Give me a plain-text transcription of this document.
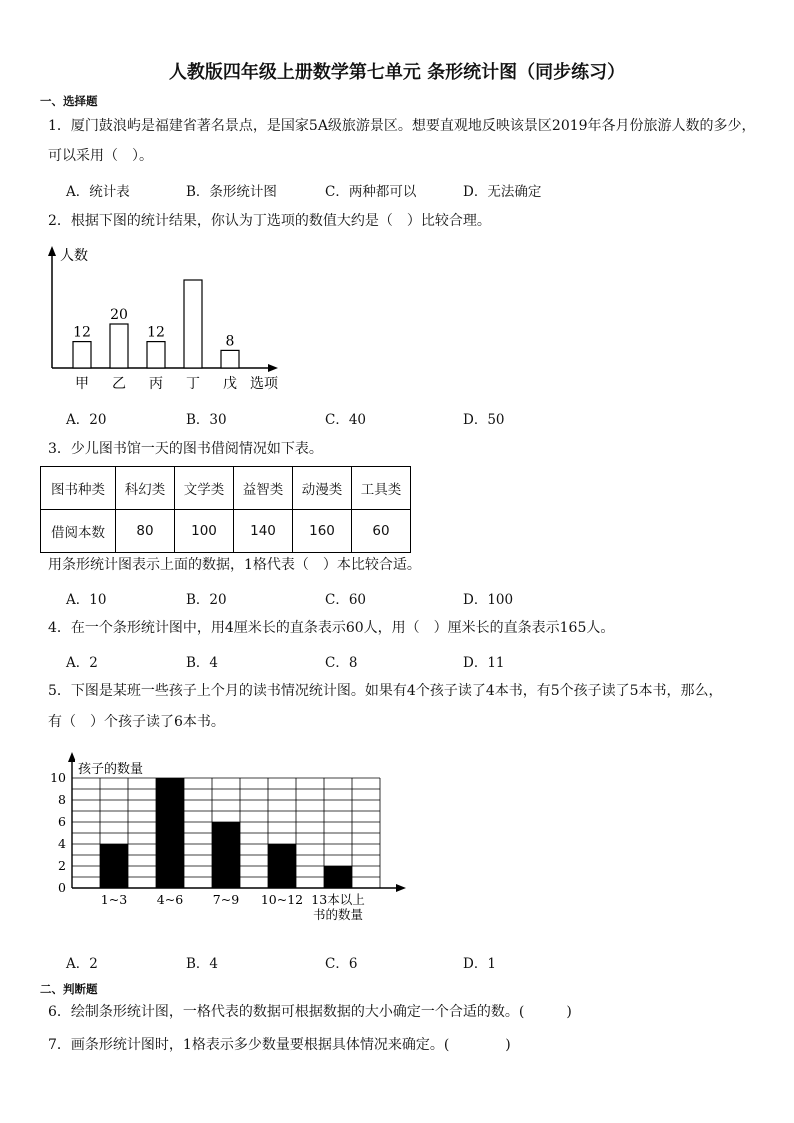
人教版四年级上册数学第七单元 条形统计图（同步练习）
一、选择题
1．厦门鼓浪屿是福建省著名景点，是国家5A级旅游景区。想要直观地反映该景区2019年各月份旅游人数的多少，
可以采用（　）。
A．统计表	B．条形统计图	C．两种都可以	D．无法确定
2．根据下图的统计结果，你认为丁选项的数值大约是（　）比较合理。
人数
选项
12
甲
20
乙
12
丙 丁
8
戊
A．20	B．30	C．40	D．50
3．少儿图书馆一天的图书借阅情况如下表。
图书种类	科幻类	文学类	益智类	动漫类	工具类
借阅本数	80	100	140	160	60
用条形统计图表示上面的数据，1格代表（　）本比较合适。
A．10	B．20	C．60	D．100
4．在一个条形统计图中，用4厘米长的直条表示60人，用（　）厘米长的直条表示165人。
A．2	B．4	C．8	D．11
5．下图是某班一些孩子上个月的读书情况统计图。如果有4个孩子读了4本书，有5个孩子读了5本书，那么，
有（　）个孩子读了6本书。
0
2
4
6
8
10
孩子的数量
1~3 4~6 7~9 10~12 13本以上
书的数量
A．2	B．4	C．6	D．1
二、判断题
6．绘制条形统计图，一格代表的数据可根据数据的大小确定一个合适的数。(　　　)
7．画条形统计图时，1格表示多少数量要根据具体情况来确定。(　　　　)
